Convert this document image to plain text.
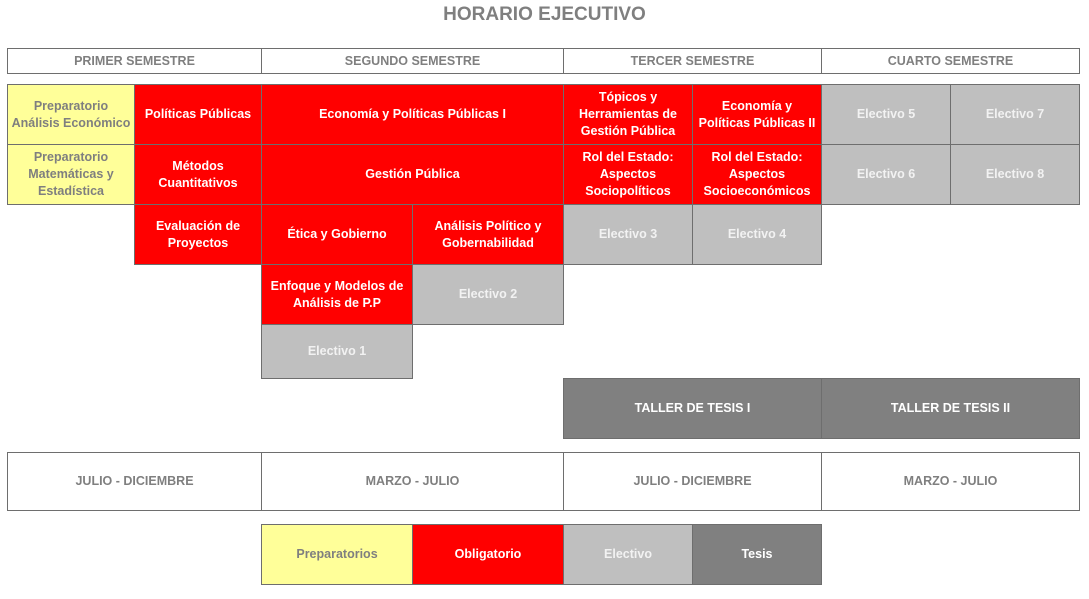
HORARIO EJECUTIVO
PRIMER SEMESTRE	SEGUNDO SEMESTRE	TERCER SEMESTRE	CUARTO SEMESTRE
Preparatorio Análisis Económico
Políticas Públicas	Economía y Políticas Públicas I
Tópicos y Herramientas de Gestión Pública
Economía y Políticas Públicas II
Electivo 5	Electivo 7
Preparatorio Matemáticas y Estadística
Métodos Cuantitativos
Gestión Pública
Rol del Estado: Aspectos Sociopolíticos
Rol del Estado: Aspectos Socioeconómicos
Electivo 6	Electivo 8
Evaluación de Proyectos
Ética y Gobierno
Análisis Político y Gobernabilidad
Electivo 3	Electivo 4
Enfoque y Modelos de Análisis de P.P
Electivo 2
Electivo 1
TALLER DE TESIS I	TALLER DE TESIS II
JULIO - DICIEMBRE	MARZO - JULIO	JULIO - DICIEMBRE	MARZO - JULIO
Preparatorios	Obligatorio	Electivo	Tesis
